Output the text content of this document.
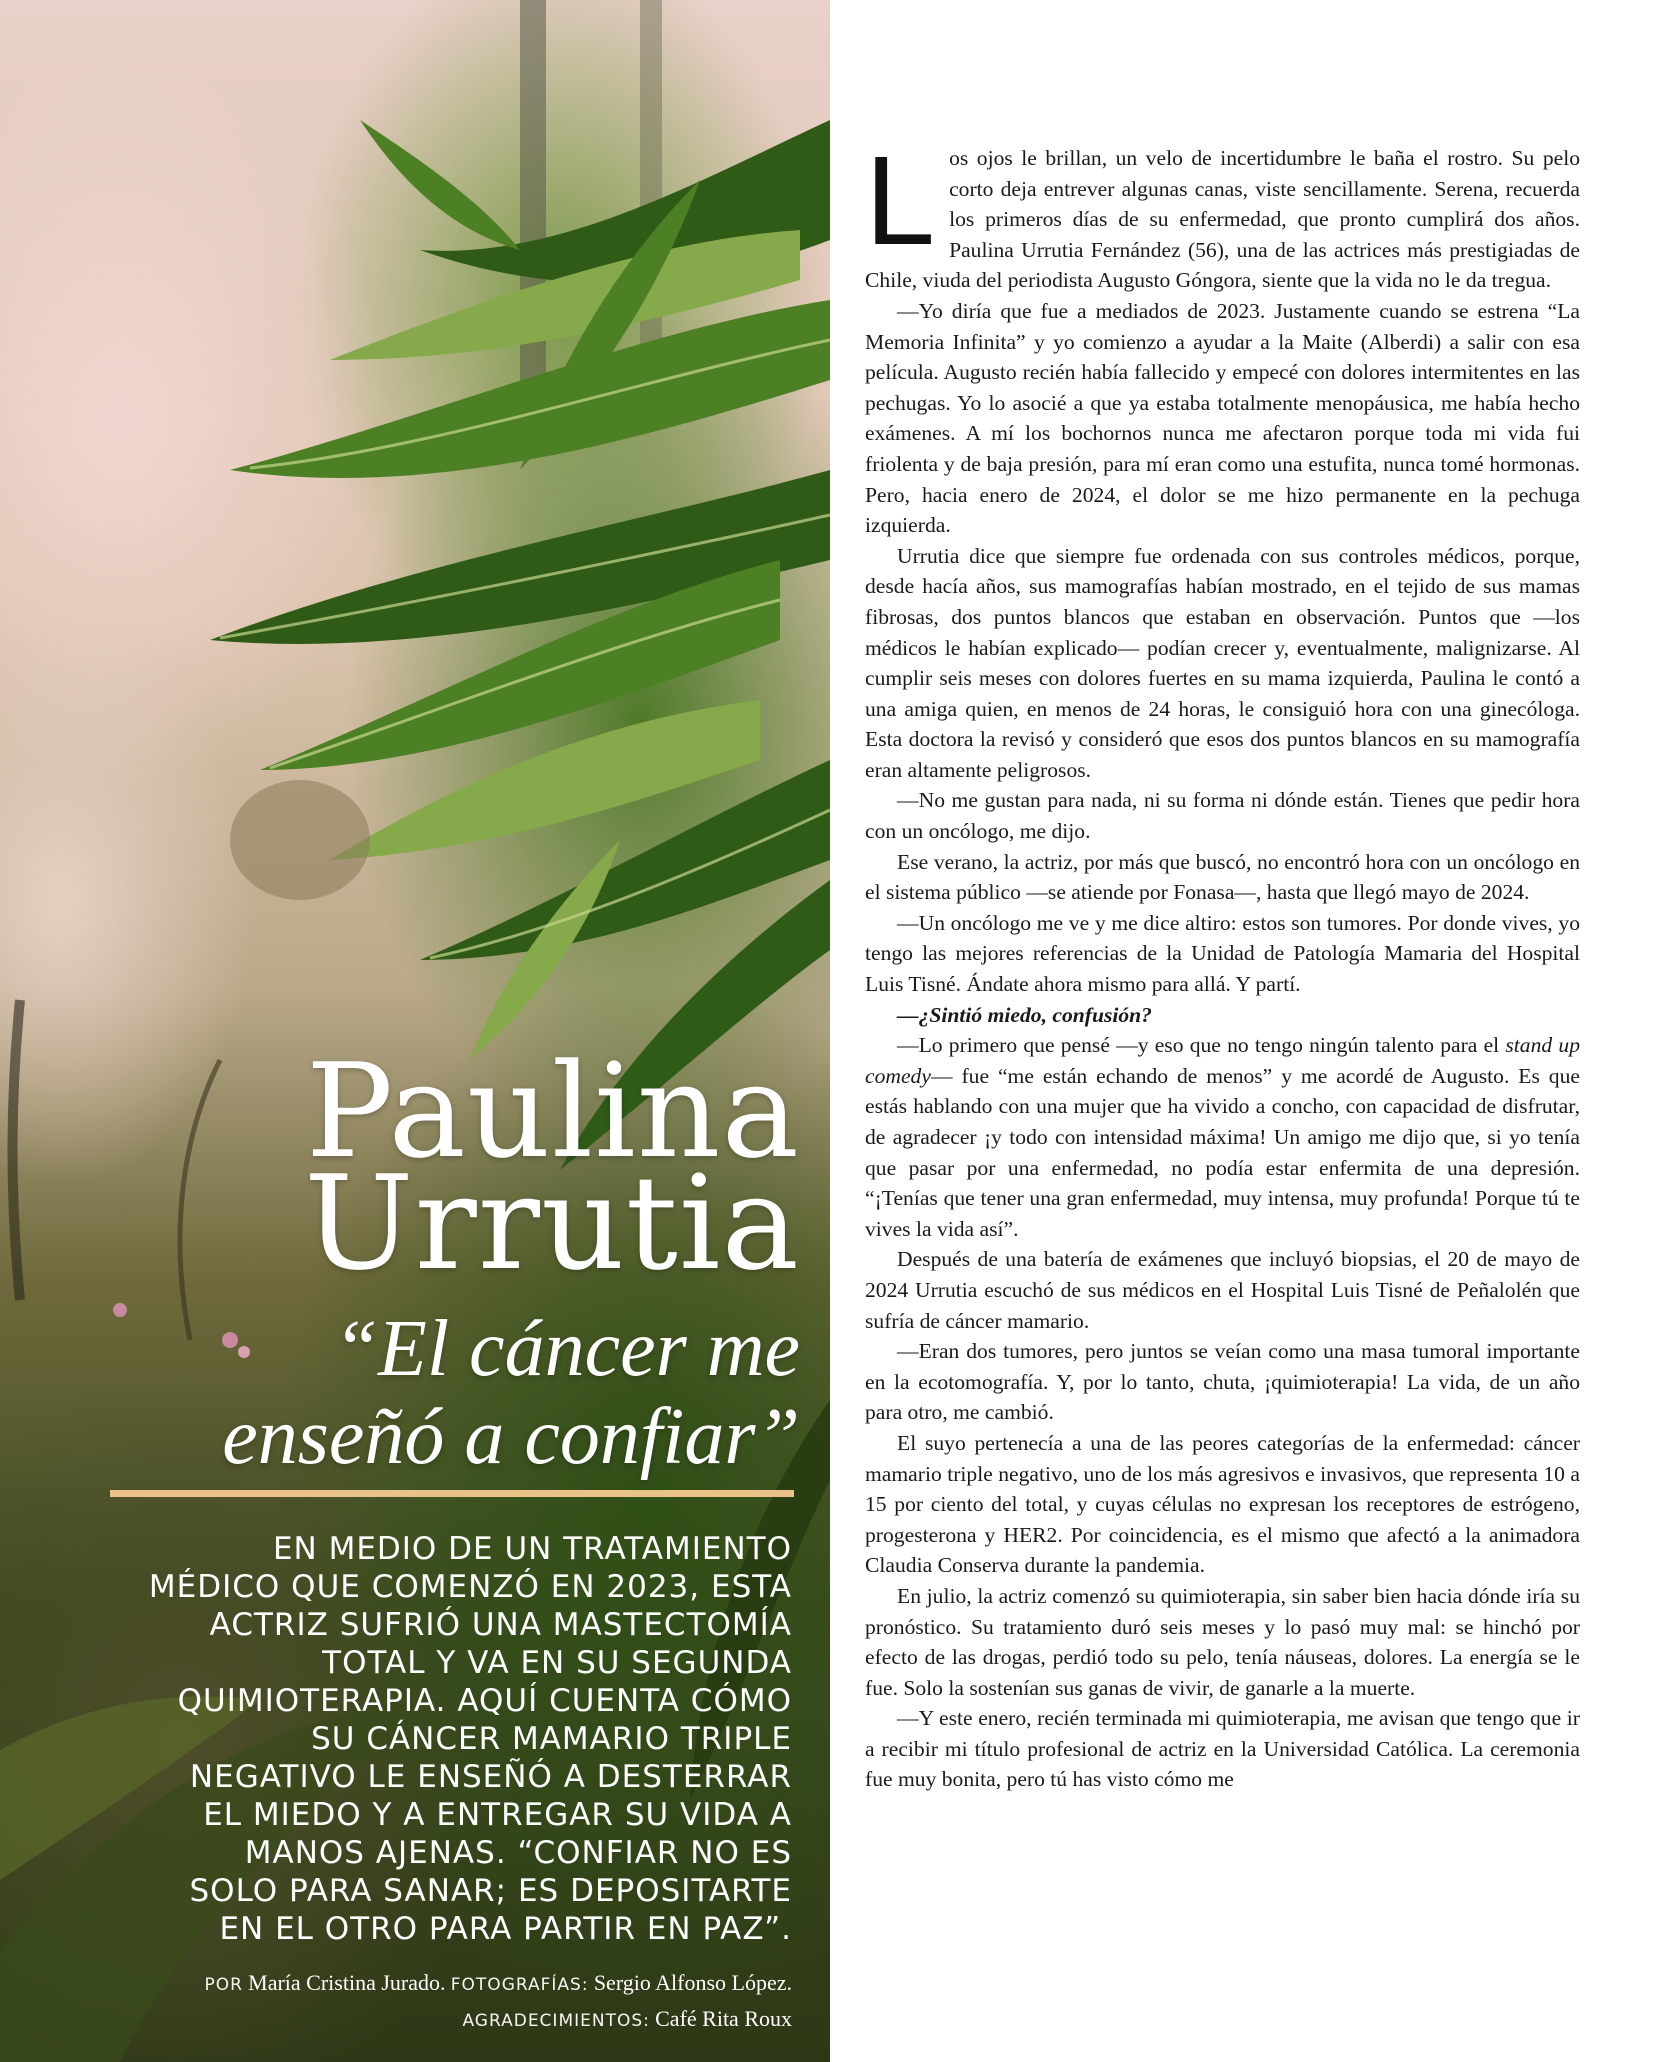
Paulina
Urrutia
“El cáncer me
enseñó a confiar”
EN MEDIO DE UN TRATAMIENTO
MÉDICO QUE COMENZÓ EN 2023, ESTA
ACTRIZ SUFRIÓ UNA MASTECTOMÍA
TOTAL Y VA EN SU SEGUNDA
QUIMIOTERAPIA. AQUÍ CUENTA CÓMO
SU CÁNCER MAMARIO TRIPLE
NEGATIVO LE ENSEÑÓ A DESTERRAR
EL MIEDO Y A ENTREGAR SU VIDA A
MANOS AJENAS. “CONFIAR NO ES
SOLO PARA SANAR; ES DEPOSITARTE
EN EL OTRO PARA PARTIR EN PAZ”.
POR María Cristina Jurado. FOTOGRAFÍAS: Sergio Alfonso López.
AGRADECIMIENTOS: Café Rita Roux

Los ojos le brillan, un velo de incertidumbre le baña el rostro. Su pelo corto deja entrever algunas canas, viste sencillamente. Serena, recuerda los primeros días de su enfermedad, que pronto cumplirá dos años. Paulina Urrutia Fernández (56), una de las actrices más prestigiadas de Chile, viuda del periodista Augusto Góngora, siente que la vida no le da tregua.

—Yo diría que fue a mediados de 2023. Justamente cuando se estrena “La Memoria Infinita” y yo comienzo a ayudar a la Maite (Alberdi) a salir con esa película. Augusto recién había fallecido y empecé con dolores intermitentes en las pechugas. Yo lo asocié a que ya estaba totalmente menopáusica, me había hecho exámenes. A mí los bochornos nunca me afectaron porque toda mi vida fui friolenta y de baja presión, para mí eran como una estufita, nunca tomé hormonas. Pero, hacia enero de 2024, el dolor se me hizo permanente en la pechuga izquierda.

Urrutia dice que siempre fue ordenada con sus controles médicos, porque, desde hacía años, sus mamografías habían mostrado, en el tejido de sus mamas fibrosas, dos puntos blancos que estaban en observación. Puntos que —los médicos le habían explicado— podían crecer y, eventualmente, malignizarse. Al cumplir seis meses con dolores fuertes en su mama izquierda, Paulina le contó a una amiga quien, en menos de 24 horas, le consiguió hora con una ginecóloga. Esta doctora la revisó y consideró que esos dos puntos blancos en su mamografía eran altamente peligrosos.

—No me gustan para nada, ni su forma ni dónde están. Tienes que pedir hora con un oncólogo, me dijo.

Ese verano, la actriz, por más que buscó, no encontró hora con un oncólogo en el sistema público —se atiende por Fonasa—, hasta que llegó mayo de 2024.

—Un oncólogo me ve y me dice altiro: estos son tumores. Por donde vives, yo tengo las mejores referencias de la Unidad de Patología Mamaria del Hospital Luis Tisné. Ándate ahora mismo para allá. Y partí.

—¿Sintió miedo, confusión?

—Lo primero que pensé —y eso que no tengo ningún talento para el stand up comedy— fue “me están echando de menos” y me acordé de Augusto. Es que estás hablando con una mujer que ha vivido a concho, con capacidad de disfrutar, de agradecer ¡y todo con intensidad máxima! Un amigo me dijo que, si yo tenía que pasar por una enfermedad, no podía estar enfermita de una depresión. “¡Tenías que tener una gran enfermedad, muy intensa, muy profunda! Porque tú te vives la vida así”.

Después de una batería de exámenes que incluyó biopsias, el 20 de mayo de 2024 Urrutia escuchó de sus médicos en el Hospital Luis Tisné de Peñalolén que sufría de cáncer mamario.

—Eran dos tumores, pero juntos se veían como una masa tumoral importante en la ecotomografía. Y, por lo tanto, chuta, ¡quimioterapia! La vida, de un año para otro, me cambió.

El suyo pertenecía a una de las peores categorías de la enfermedad: cáncer mamario triple negativo, uno de los más agresivos e invasivos, que representa 10 a 15 por ciento del total, y cuyas células no expresan los receptores de estrógeno, progesterona y HER2. Por coincidencia, es el mismo que afectó a la animadora Claudia Conserva durante la pandemia.

En julio, la actriz comenzó su quimioterapia, sin saber bien hacia dónde iría su pronóstico. Su tratamiento duró seis meses y lo pasó muy mal: se hinchó por efecto de las drogas, perdió todo su pelo, tenía náuseas, dolores. La energía se le fue. Solo la sostenían sus ganas de vivir, de ganarle a la muerte.

—Y este enero, recién terminada mi quimioterapia, me avisan que tengo que ir a recibir mi título profesional de actriz en la Universidad Católica. La ceremonia fue muy bonita, pero tú has visto cómo me
